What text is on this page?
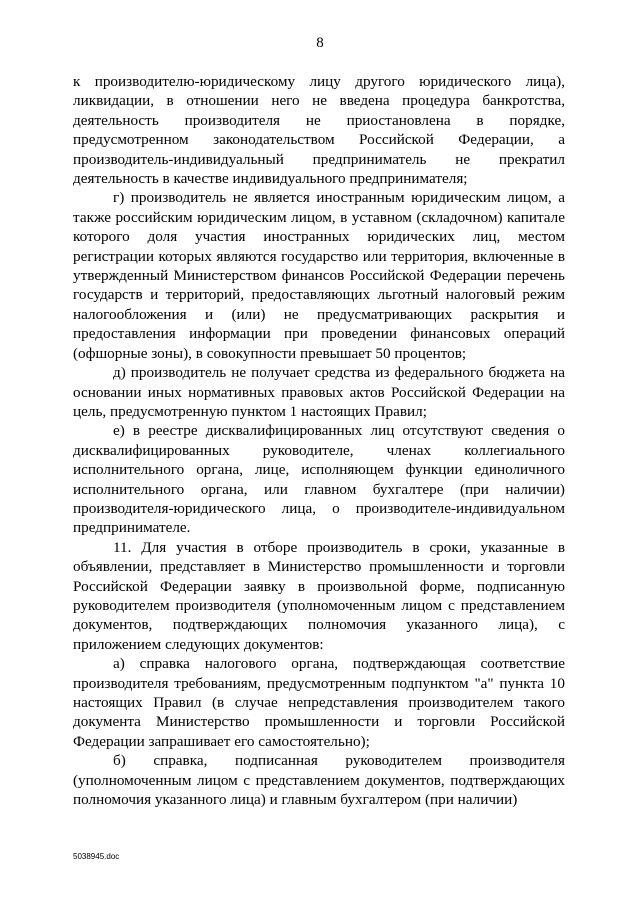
8

к производителю-юридическому лицу другого юридического лица), ликвидации, в отношении него не введена процедура банкротства, деятельность производителя не приостановлена в порядке, предусмотренном законодательством Российской Федерации, а производитель-индивидуальный предприниматель не прекратил деятельность в качестве индивидуального предпринимателя;

г) производитель не является иностранным юридическим лицом, а также российским юридическим лицом, в уставном (складочном) капитале которого доля участия иностранных юридических лиц, местом регистрации которых являются государство или территория, включенные в утвержденный Министерством финансов Российской Федерации перечень государств и территорий, предоставляющих льготный налоговый режим налогообложения и (или) не предусматривающих раскрытия и предоставления информации при проведении финансовых операций (офшорные зоны), в совокупности превышает 50 процентов;

д) производитель не получает средства из федерального бюджета на основании иных нормативных правовых актов Российской Федерации на цель, предусмотренную пунктом 1 настоящих Правил;

е) в реестре дисквалифицированных лиц отсутствуют сведения о дисквалифицированных руководителе, членах коллегиального исполнительного органа, лице, исполняющем функции единоличного исполнительного органа, или главном бухгалтере (при наличии) производителя-юридического лица, о производителе-индивидуальном предпринимателе.

11. Для участия в отборе производитель в сроки, указанные в объявлении, представляет в Министерство промышленности и торговли Российской Федерации заявку в произвольной форме, подписанную руководителем производителя (уполномоченным лицом с представлением документов, подтверждающих полномочия указанного лица), с приложением следующих документов:

а) справка налогового органа, подтверждающая соответствие производителя требованиям, предусмотренным подпунктом "а" пункта 10 настоящих Правил (в случае непредставления производителем такого документа Министерство промышленности и торговли Российской Федерации запрашивает его самостоятельно);

б) справка, подписанная руководителем производителя (уполномоченным лицом с представлением документов, подтверждающих полномочия указанного лица) и главным бухгалтером (при наличии)

5038945.doc
